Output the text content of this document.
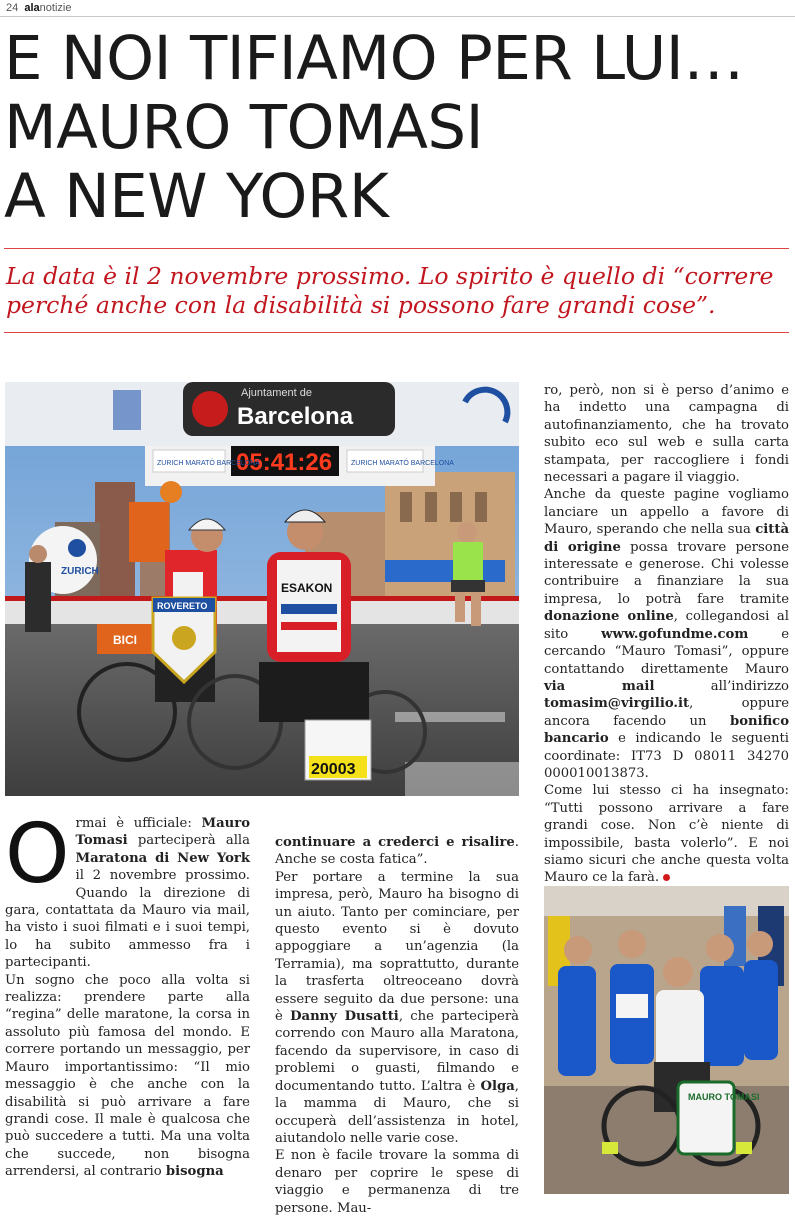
24 alanotizie
E NOI TIFIAMO PER LUI…
MAURO TOMASI
A NEW YORK
La data è il 2 novembre prossimo. Lo spirito è quello di “correre
perché anche con la disabilità si possono fare grandi cose”.
Ajuntament de
Barcelona
05:41:26
ZURICH MARATÓ BARCELONA	ZURICH MARATÓ BARCELONA
ZURICH
BICI
ROVERETO
ESAKON
20003

Ormai è ufficiale: Mauro Tomasi parteciperà alla Maratona di New York il 2 novembre prossimo. Quando la direzione di gara, contattata da Mauro via mail, ha visto i suoi filmati e i suoi tempi, lo ha subito ammesso fra i partecipanti.

Un sogno che poco alla volta si realizza: prendere parte alla “regina” delle maratone, la corsa in assoluto più famosa del mondo. E correre portando un messaggio, per Mauro importantissimo: “Il mio messaggio è che anche con la disabilità si può arrivare a fare grandi cose. Il male è qualcosa che può succedere a tutti. Ma una volta che succede, non bisogna arrendersi, al contrario bisogna

continuare a crederci e risalire. Anche se costa fatica”.

Per portare a termine la sua impresa, però, Mauro ha bisogno di un aiuto. Tanto per cominciare, per questo evento si è dovuto appoggiare a un’agenzia (la Terramia), ma soprattutto, durante la trasferta oltreoceano dovrà essere seguito da due persone: una è Danny Dusatti, che parteciperà correndo con Mauro alla Maratona, facendo da supervisore, in caso di problemi o guasti, filmando e documentando tutto. L’altra è Olga, la mamma di Mauro, che si occuperà dell’assistenza in hotel, aiutandolo nelle varie cose.

E non è facile trovare la somma di denaro per coprire le spese di viaggio e permanenza di tre persone. Mau-

ro, però, non si è perso d’animo e ha indetto una campagna di autofinanziamento, che ha trovato subito eco sul web e sulla carta stampata, per raccogliere i fondi necessari a pagare il viaggio.

Anche da queste pagine vogliamo lanciare un appello a favore di Mauro, sperando che nella sua città di origine possa trovare persone interessate e generose. Chi volesse contribuire a finanziare la sua impresa, lo potrà fare tramite donazione online, collegandosi al sito www.gofundme.com e cercando “Mauro Tomasi”, oppure contattando direttamente Mauro via mail all’indirizzo tomasim@virgilio.it, oppure ancora facendo un bonifico bancario e indicando le seguenti coordinate: IT73 D 08011 34270 000010013873.

Come lui stesso ci ha insegnato: “Tutti possono arrivare a fare grandi cose. Non c’è niente di impossibile, basta volerlo”. E noi siamo sicuri che anche questa volta Mauro ce la farà.

MAURO TOMASI
